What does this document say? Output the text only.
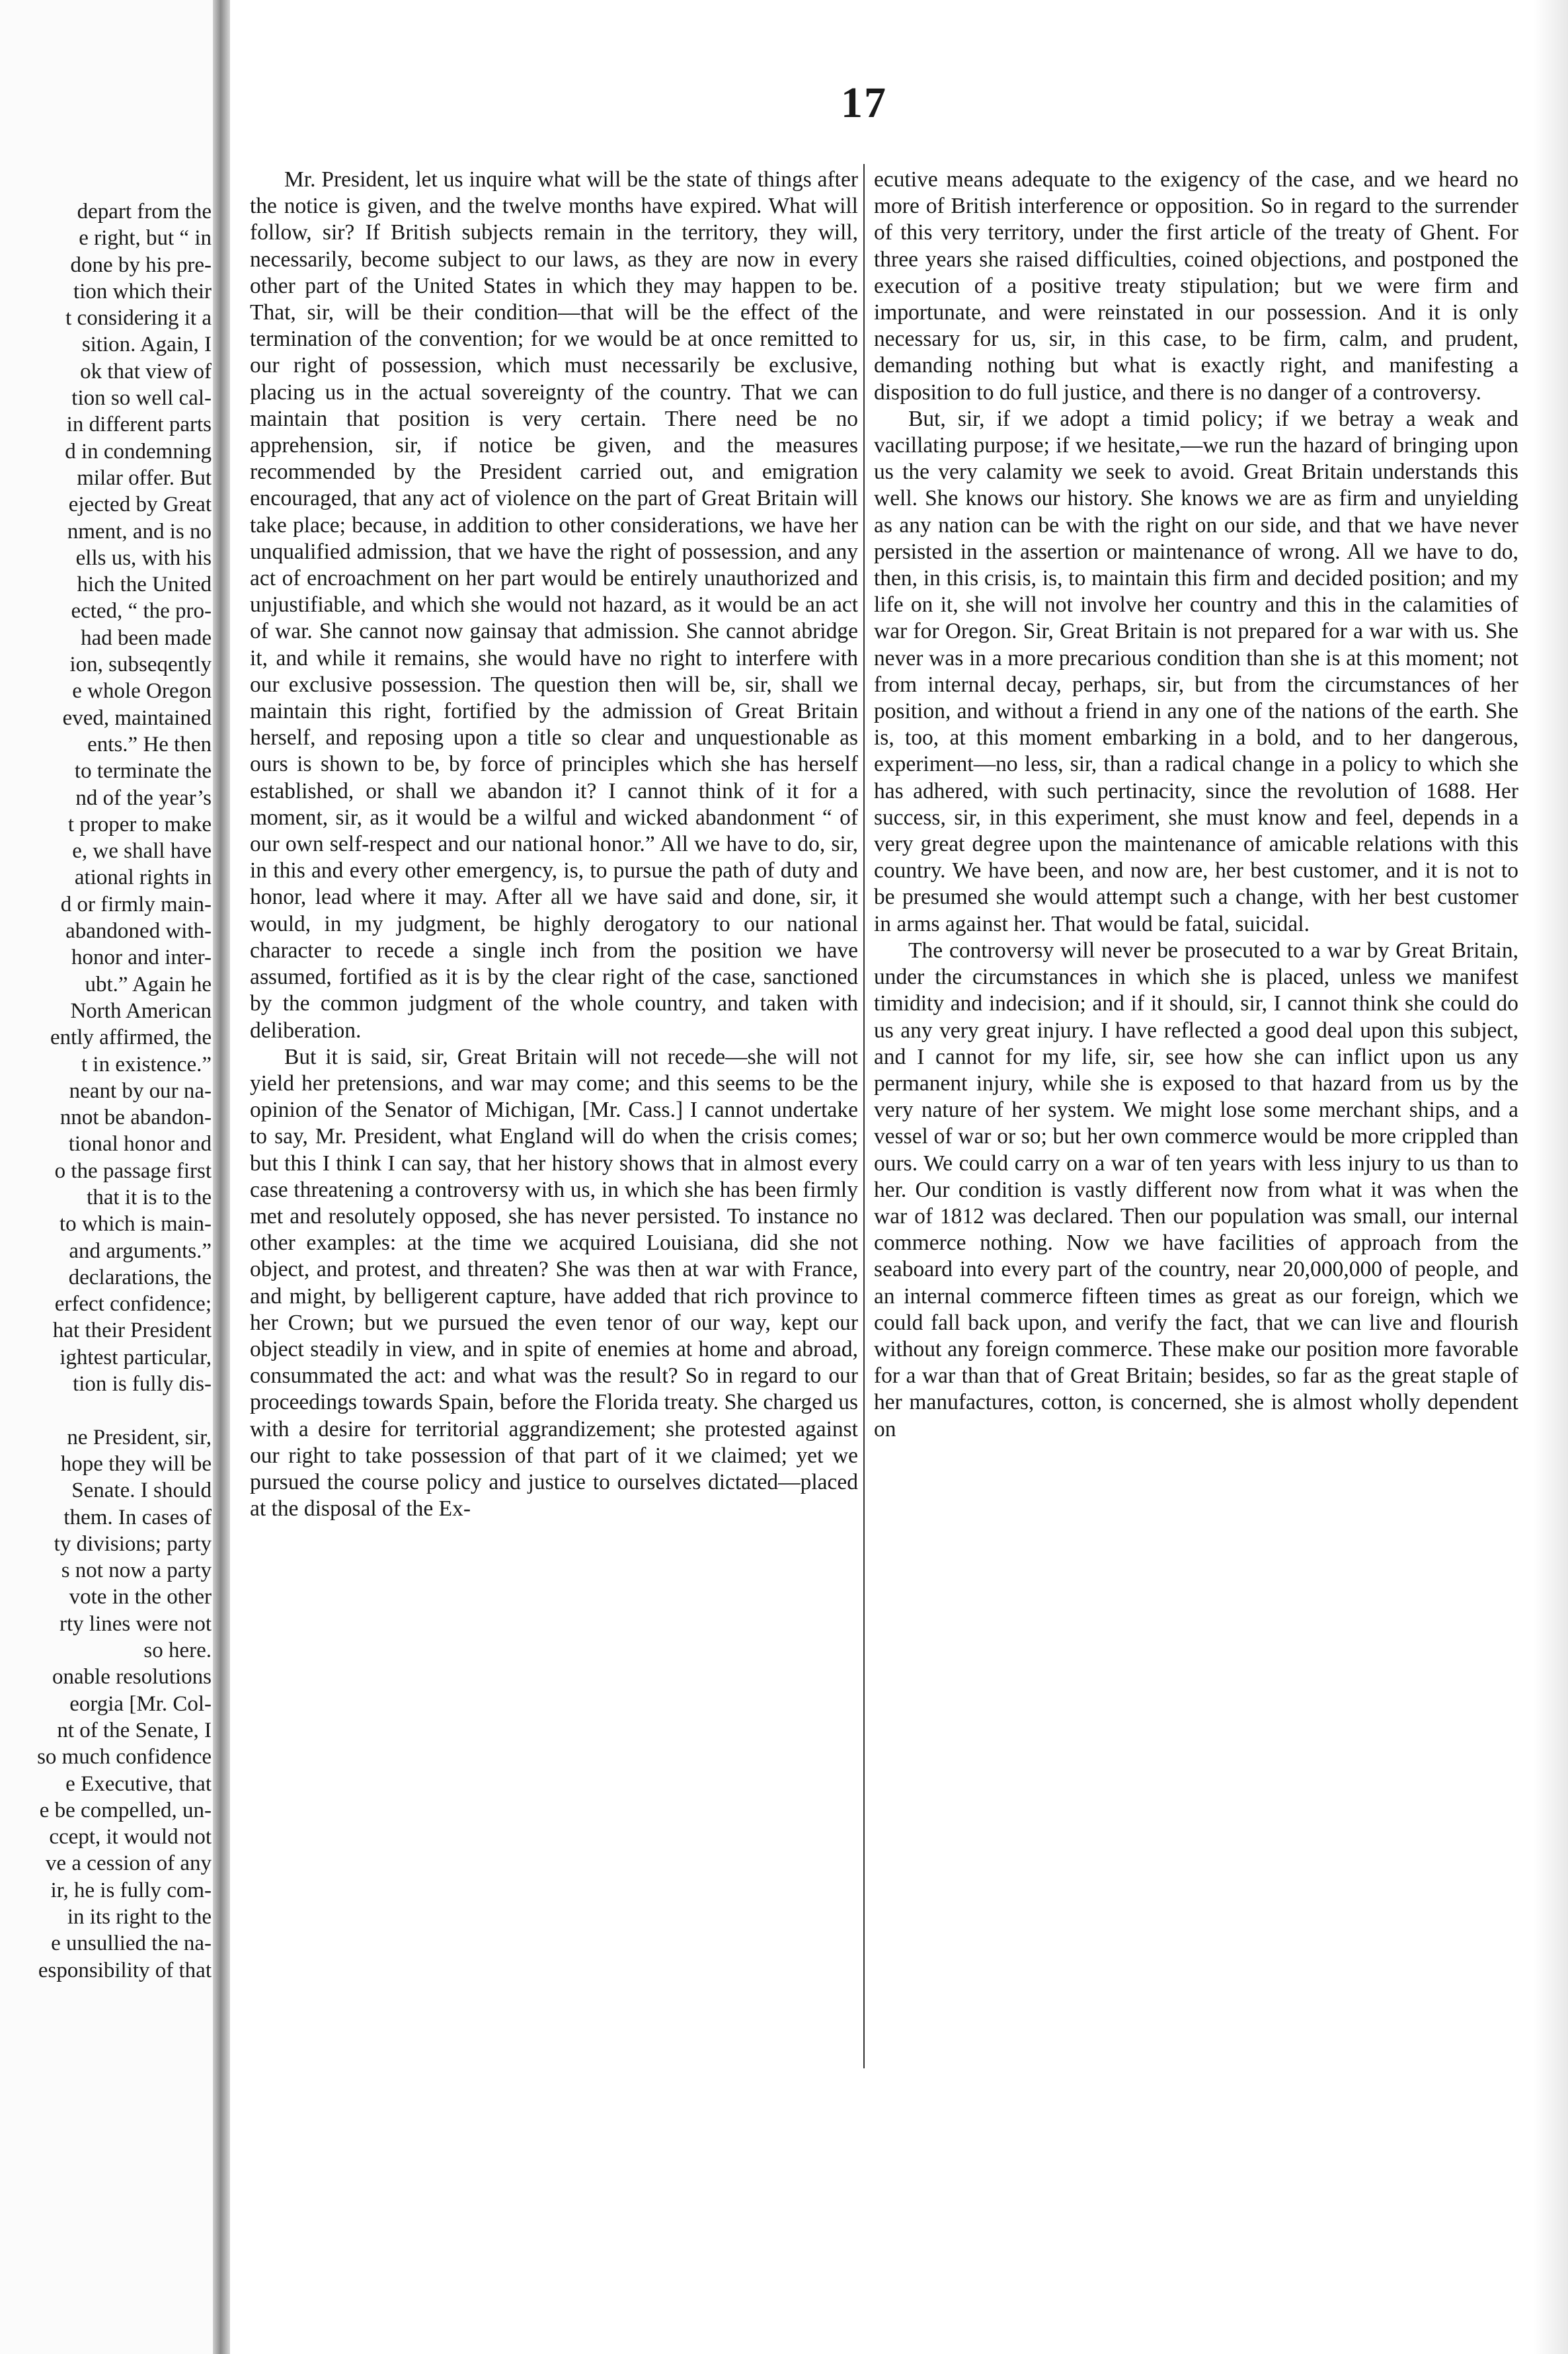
depart from the
e right, but “ in
done by his pre-
tion which their
t considering it a
sition. Again, I
ok that view of
tion so well cal-
in different parts
d in condemning
milar offer. But
ejected by Great
nment, and is no
ells us, with his
hich the United
ected, “ the pro-
had been made
ion, subseqently
e whole Oregon
eved, maintained
ents.” He then
to terminate the
nd of the year’s
t proper to make
e, we shall have
ational rights in
d or firmly main-
abandoned with-
honor and inter-
ubt.” Again he
North American
ently affirmed, the
t in existence.”
neant by our na-
nnot be abandon-
tional honor and
o the passage first
that it is to the
to which is main-
and arguments.”
declarations, the
erfect confidence;
hat their President
ightest particular,
tion is fully dis-
ne President, sir,
hope they will be
Senate. I should
them. In cases of
ty divisions; party
s not now a party
vote in the other
rty lines were not
so here.
onable resolutions
eorgia [Mr. Col-
nt of the Senate, I
so much confidence
e Executive, that
e be compelled, un-
ccept, it would not
ve a cession of any
ir, he is fully com-
in its right to the
e unsullied the na-
esponsibility of that
17

Mr. President, let us inquire what will be the state of things after the notice is given, and the twelve months have expired. What will follow, sir? If British subjects remain in the territory, they will, necessarily, become subject to our laws, as they are now in every other part of the United States in which they may happen to be. That, sir, will be their condition—that will be the effect of the termination of the convention; for we would be at once remitted to our right of possession, which must necessarily be exclusive, placing us in the actual sovereignty of the country. That we can maintain that position is very certain. There need be no apprehension, sir, if notice be given, and the measures recommended by the President carried out, and emigration encouraged, that any act of violence on the part of Great Britain will take place; because, in addition to other considerations, we have her unqualified admission, that we have the right of possession, and any act of encroachment on her part would be entirely unauthorized and unjustifiable, and which she would not hazard, as it would be an act of war. She cannot now gainsay that admission. She cannot abridge it, and while it remains, she would have no right to interfere with our exclusive possession. The question then will be, sir, shall we maintain this right, fortified by the admission of Great Britain herself, and reposing upon a title so clear and unquestionable as ours is shown to be, by force of principles which she has herself established, or shall we abandon it? I cannot think of it for a moment, sir, as it would be a wilful and wicked abandonment “ of our own self-respect and our national honor.” All we have to do, sir, in this and every other emergency, is, to pursue the path of duty and honor, lead where it may. After all we have said and done, sir, it would, in my judgment, be highly derogatory to our national character to recede a single inch from the position we have assumed, fortified as it is by the clear right of the case, sanctioned by the common judgment of the whole country, and taken with deliberation.

But it is said, sir, Great Britain will not recede—she will not yield her pretensions, and war may come; and this seems to be the opinion of the Senator of Michigan, [Mr. Cass.] I cannot undertake to say, Mr. President, what England will do when the crisis comes; but this I think I can say, that her history shows that in almost every case threatening a controversy with us, in which she has been firmly met and resolutely opposed, she has never persisted. To instance no other examples: at the time we acquired Louisiana, did she not object, and protest, and threaten? She was then at war with France, and might, by belligerent capture, have added that rich province to her Crown; but we pursued the even tenor of our way, kept our object steadily in view, and in spite of enemies at home and abroad, consummated the act: and what was the result? So in regard to our proceedings towards Spain, before the Florida treaty. She charged us with a desire for territorial aggrandizement; she protested against our right to take possession of that part of it we claimed; yet we pursued the course policy and justice to ourselves dictated—placed at the disposal of the Ex-

ecutive means adequate to the exigency of the case, and we heard no more of British interference or opposition. So in regard to the surrender of this very territory, under the first article of the treaty of Ghent. For three years she raised difficulties, coined objections, and postponed the execution of a positive treaty stipulation; but we were firm and importunate, and were reinstated in our possession. And it is only necessary for us, sir, in this case, to be firm, calm, and prudent, demanding nothing but what is exactly right, and manifesting a disposition to do full justice, and there is no danger of a controversy.

But, sir, if we adopt a timid policy; if we betray a weak and vacillating purpose; if we hesitate,—we run the hazard of bringing upon us the very calamity we seek to avoid. Great Britain understands this well. She knows our history. She knows we are as firm and unyielding as any nation can be with the right on our side, and that we have never persisted in the assertion or maintenance of wrong. All we have to do, then, in this crisis, is, to maintain this firm and decided position; and my life on it, she will not involve her country and this in the calamities of war for Oregon. Sir, Great Britain is not prepared for a war with us. She never was in a more precarious condition than she is at this moment; not from internal decay, perhaps, sir, but from the circumstances of her position, and without a friend in any one of the nations of the earth. She is, too, at this moment embarking in a bold, and to her dangerous, experiment—no less, sir, than a radical change in a policy to which she has adhered, with such pertinacity, since the revolution of 1688. Her success, sir, in this experiment, she must know and feel, depends in a very great degree upon the maintenance of amicable relations with this country. We have been, and now are, her best customer, and it is not to be presumed she would attempt such a change, with her best customer in arms against her. That would be fatal, suicidal.

The controversy will never be prosecuted to a war by Great Britain, under the circumstances in which she is placed, unless we manifest timidity and indecision; and if it should, sir, I cannot think she could do us any very great injury. I have reflected a good deal upon this subject, and I cannot for my life, sir, see how she can inflict upon us any permanent injury, while she is exposed to that hazard from us by the very nature of her system. We might lose some merchant ships, and a vessel of war or so; but her own commerce would be more crippled than ours. We could carry on a war of ten years with less injury to us than to her. Our condition is vastly different now from what it was when the war of 1812 was declared. Then our population was small, our internal commerce nothing. Now we have facilities of approach from the seaboard into every part of the country, near 20,000,000 of people, and an internal commerce fifteen times as great as our foreign, which we could fall back upon, and verify the fact, that we can live and flourish without any foreign commerce. These make our position more favorable for a war than that of Great Britain; besides, so far as the great staple of her manufactures, cotton, is concerned, she is almost wholly dependent on
